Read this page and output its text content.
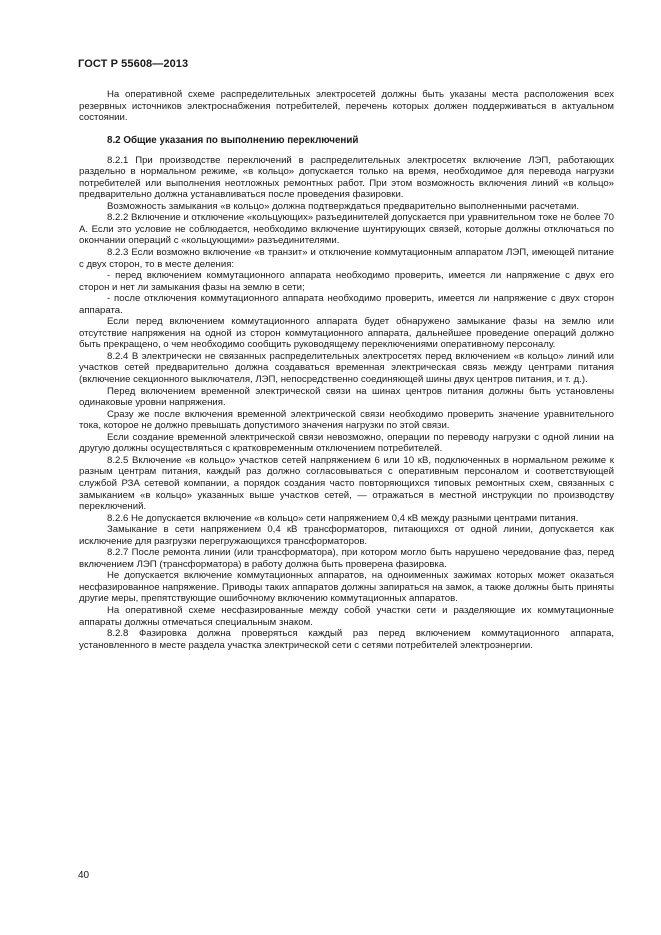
ГОСТ Р 55608—2013

На оперативной схеме распределительных электросетей должны быть указаны места расположения всех резервных источников электроснабжения потребителей, перечень которых должен поддерживаться в актуальном состоянии.

8.2 Общие указания по выполнению переключений

8.2.1 При производстве переключений в распределительных электросетях включение ЛЭП, работающих раздельно в нормальном режиме, «в кольцо» допускается только на время, необходимое для перевода нагрузки потребителей или выполнения неотложных ремонтных работ. При этом возможность включения линий «в кольцо» предварительно должна устанавливаться после проведения фазировки.

Возможность замыкания «в кольцо» должна подтверждаться предварительно выполненными расчетами.

8.2.2 Включение и отключение «кольцующих» разъединителей допускается при уравнительном токе не более 70 А. Если это условие не соблюдается, необходимо включение шунтирующих связей, которые должны отключаться по окончании операций с «кольцующими» разъединителями.

8.2.3 Если возможно включение «в транзит» и отключение коммутационным аппаратом ЛЭП, имеющей питание с двух сторон, то в месте деления:

- перед включением коммутационного аппарата необходимо проверить, имеется ли напряжение с двух его сторон и нет ли замыкания фазы на землю в сети;

- после отключения коммутационного аппарата необходимо проверить, имеется ли напряжение с двух сторон аппарата.

Если перед включением коммутационного аппарата будет обнаружено замыкание фазы на землю или отсутствие напряжения на одной из сторон коммутационного аппарата, дальнейшее проведение операций должно быть прекращено, о чем необходимо сообщить руководящему переключениями оперативному персоналу.

8.2.4 В электрически не связанных распределительных электросетях перед включением «в кольцо» линий или участков сетей предварительно должна создаваться временная электрическая связь между центрами питания (включение секционного выключателя, ЛЭП, непосредственно соединяющей шины двух центров питания, и т. д.).

Перед включением временной электрической связи на шинах центров питания должны быть установлены одинаковые уровни напряжения.

Сразу же после включения временной электрической связи необходимо проверить значение уравнительного тока, которое не должно превышать допустимого значения нагрузки по этой связи.

Если создание временной электрической связи невозможно, операции по переводу нагрузки с одной линии на другую должны осуществляться с кратковременным отключением потребителей.

8.2.5 Включение «в кольцо» участков сетей напряжением 6 или 10 кВ, подключенных в нормальном режиме к разным центрам питания, каждый раз должно согласовываться с оперативным персоналом и соответствующей службой РЗА сетевой компании, а порядок создания часто повторяющихся типовых ремонтных схем, связанных с замыканием «в кольцо» указанных выше участков сетей, — отражаться в местной инструкции по производству переключений.

8.2.6 Не допускается включение «в кольцо» сети напряжением 0,4 кВ между разными центрами питания.

Замыкание в сети напряжением 0,4 кВ трансформаторов, питающихся от одной линии, допускается как исключение для разгрузки перегружающихся трансформаторов.

8.2.7 После ремонта линии (или трансформатора), при котором могло быть нарушено чередование фаз, перед включением ЛЭП (трансформатора) в работу должна быть проверена фазировка.

Не допускается включение коммутационных аппаратов, на одноименных зажимах которых может оказаться несфазированное напряжение. Приводы таких аппаратов должны запираться на замок, а также должны быть приняты другие меры, препятствующие ошибочному включению коммутационных аппаратов.

На оперативной схеме несфазированные между собой участки сети и разделяющие их коммутационные аппараты должны отмечаться специальным знаком.

8.2.8 Фазировка должна проверяться каждый раз перед включением коммутационного аппарата, установленного в месте раздела участка электрической сети с сетями потребителей электроэнергии.

40
